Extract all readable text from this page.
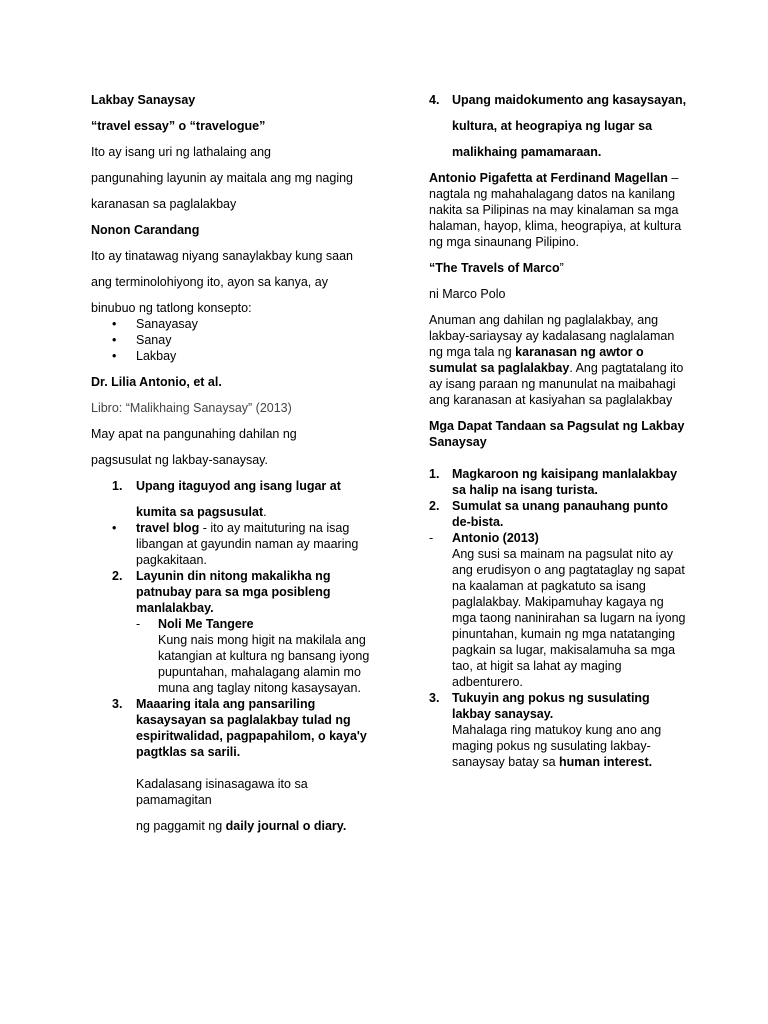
Lakbay Sanaysay

“travel essay” o “travelogue”

Ito ay isang uri ng lathalaing ang

pangunahing layunin ay maitala ang mg naging

karanasan sa paglalakbay

Nonon Carandang

Ito ay tinatawag niyang sanaylakbay kung saan

ang terminolohiyong ito, ayon sa kanya, ay

binubuo ng tatlong konsepto:

• Sanayasay
• Sanay
• Lakbay

Dr. Lilia Antonio, et al.

Libro: “Malikhaing Sanaysay” (2013)

May apat na pangunahing dahilan ng

pagsusulat ng lakbay-sanaysay.

1. Upang itaguyod ang isang lugar at

kumita sa pagsusulat.

• travel blog - ito ay maituturing na isag libangan at gayundin naman ay maaring pagkakitaan.
2. Layunin din nitong makalikha ng patnubay para sa mga posibleng manlalakbay.

- Noli Me Tangere

Kung nais mong higit na makilala ang katangian at kultura ng bansang iyong pupuntahan, mahalagang alamin mo muna ang taglay nitong kasaysayan.

3. Maaaring itala ang pansariling kasaysayan sa paglalakbay tulad ng espiritwalidad, pagpapahilom, o kaya'y pagtklas sa sarili.

Kadalasang isinasagawa ito sa pamamagitan

ng paggamit ng daily journal o diary.

4. Upang maidokumento ang kasaysayan,

kultura, at heograpiya ng lugar sa

malikhaing pamamaraan.

Antonio Pigafetta at Ferdinand Magellan – nagtala ng mahahalagang datos na kanilang nakita sa Pilipinas na may kinalaman sa mga halaman, hayop, klima, heograpiya, at kultura ng mga sinaunang Pilipino.

“The Travels of Marco”

ni Marco Polo

Anuman ang dahilan ng paglalakbay, ang lakbay-sariaysay ay kadalasang naglalaman ng mga tala ng karanasan ng awtor o sumulat sa paglalakbay. Ang pagtatalang ito ay isang paraan ng manunulat na maibahagi ang karanasan at kasiyahan sa paglalakbay

Mga Dapat Tandaan sa Pagsulat ng Lakbay Sanaysay

1. Magkaroon ng kaisipang manlalakbay sa halip na isang turista.

2. Sumulat sa unang panauhang punto de-bista.

- Antonio (2013)

Ang susi sa mainam na pagsulat nito ay ang erudisyon o ang pagtataglay ng sapat na kaalaman at pagkatuto sa isang paglalakbay. Makipamuhay kagaya ng mga taong naninirahan sa lugarn na iyong pinuntahan, kumain ng mga natatanging pagkain sa lugar, makisalamuha sa mga tao, at higit sa lahat ay maging adbenturero.

3. Tukuyin ang pokus ng susulating lakbay sanaysay.

Mahalaga ring matukoy kung ano ang maging pokus ng susulating lakbay-sanaysay batay sa human interest.
